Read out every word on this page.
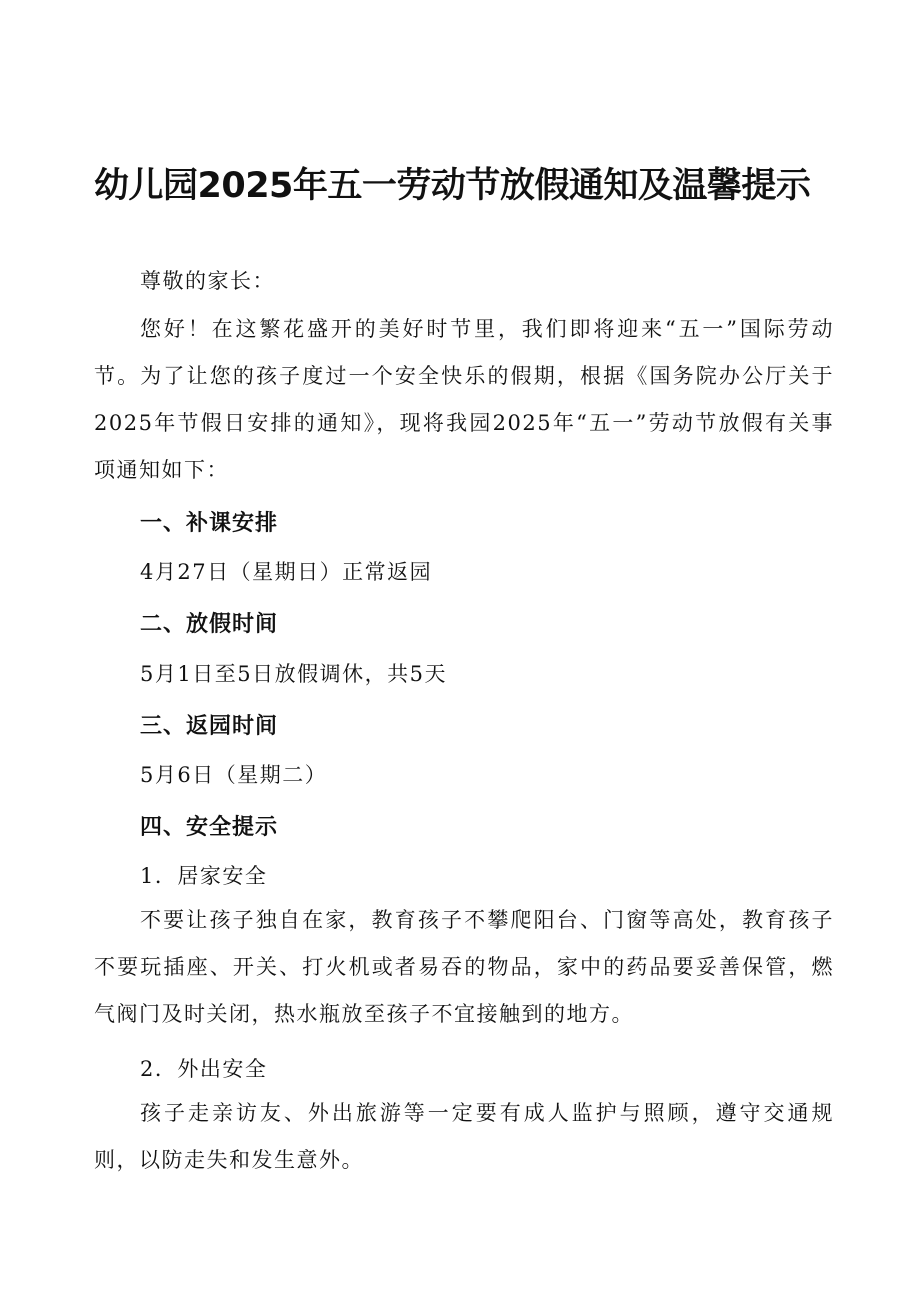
幼儿园2025年五一劳动节放假通知及温馨提示
尊敬的家长：
您好！在这繁花盛开的美好时节里，我们即将迎来“五一”国际劳动节。为了让您的孩子度过一个安全快乐的假期，根据《国务院办公厅关于2025年节假日安排的通知》，现将我园2025年“五一”劳动节放假有关事项通知如下：
一、补课安排
4月27日（星期日）正常返园
二、放假时间
5月1日至5日放假调休，共5天
三、返园时间
5月6日（星期二）
四、安全提示
1．居家安全
不要让孩子独自在家，教育孩子不攀爬阳台、门窗等高处，教育孩子不要玩插座、开关、打火机或者易吞的物品，家中的药品要妥善保管，燃气阀门及时关闭，热水瓶放至孩子不宜接触到的地方。
2．外出安全
孩子走亲访友、外出旅游等一定要有成人监护与照顾，遵守交通规则，以防走失和发生意外。
